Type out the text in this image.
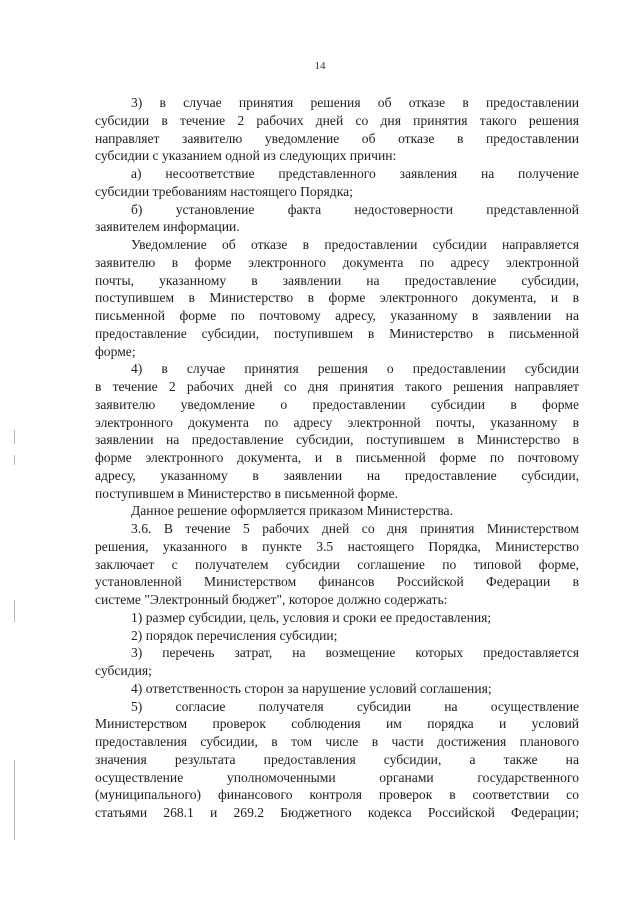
14

3) в случае принятия решения об отказе в предоставлении

субсидии в течение 2 рабочих дней со дня принятия такого решения

направляет заявителю уведомление об отказе в предоставлении

субсидии с указанием одной из следующих причин:

а) несоответствие представленного заявления на получение

субсидии требованиям настоящего Порядка;

б) установление факта недостоверности представленной

заявителем информации.

Уведомление об отказе в предоставлении субсидии направляется

заявителю в форме электронного документа по адресу электронной

почты, указанному в заявлении на предоставление субсидии,

поступившем в Министерство в форме электронного документа, и в

письменной форме по почтовому адресу, указанному в заявлении на

предоставление субсидии, поступившем в Министерство в письменной

форме;

4) в случае принятия решения о предоставлении субсидии

в течение 2 рабочих дней со дня принятия такого решения направляет

заявителю уведомление о предоставлении субсидии в форме

электронного документа по адресу электронной почты, указанному в

заявлении на предоставление субсидии, поступившем в Министерство в

форме электронного документа, и в письменной форме по почтовому

адресу, указанному в заявлении на предоставление субсидии,

поступившем в Министерство в письменной форме.

Данное решение оформляется приказом Министерства.

3.6. В течение 5 рабочих дней со дня принятия Министерством

решения, указанного в пункте 3.5 настоящего Порядка, Министерство

заключает с получателем субсидии соглашение по типовой форме,

установленной Министерством финансов Российской Федерации в

системе "Электронный бюджет", которое должно содержать:

1) размер субсидии, цель, условия и сроки ее предоставления;

2) порядок перечисления субсидии;

3) перечень затрат, на возмещение которых предоставляется

субсидия;

4) ответственность сторон за нарушение условий соглашения;

5) согласие получателя субсидии на осуществление

Министерством проверок соблюдения им порядка и условий

предоставления субсидии, в том числе в части достижения планового

значения результата предоставления субсидии, а также на

осуществление уполномоченными органами государственного

(муниципального) финансового контроля проверок в соответствии со

статьями 268.1 и 269.2 Бюджетного кодекса Российской Федерации;
